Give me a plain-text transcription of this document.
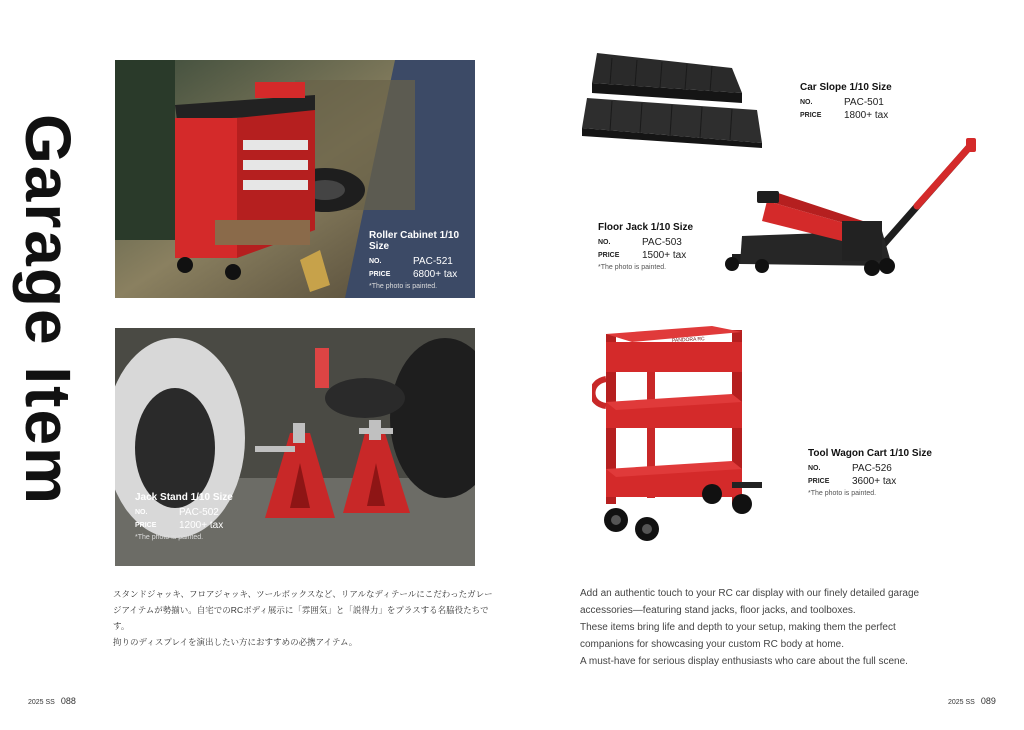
Garage Item	Roller Cabinet 1/10 Size
NO.	PAC-521
PRICE	6800+ tax
*The photo is painted.
Jack Stand 1/10 Size
NO.	PAC-502
PRICE	1200+ tax
*The photo is painted.
Car Slope 1/10 Size
NO.	PAC-501
PRICE	1800+ tax
Floor Jack 1/10 Size
NO.	PAC-503
PRICE	1500+ tax
*The photo is painted.
PANDORA RC
Tool Wagon Cart 1/10 Size
NO.	PAC-526
PRICE	3600+ tax
*The photo is painted.
スタンドジャッキ、フロアジャッキ、ツールボックスなど、リアルなディテールにこだわったガレー
ジアイテムが勢揃い。自宅でのRCボディ展示に「雰囲気」と「説得力」をプラスする名脇役たちです。
拘りのディスプレイを演出したい方におすすめの必携アイテム。
Add an authentic touch to your RC car display with our finely detailed garage
accessories—featuring stand jacks, floor jacks, and toolboxes.
These items bring life and depth to your setup, making them the perfect
companions for showcasing your custom RC body at home.
A must-have for serious display enthusiasts who care about the full scene.
2025 SS 088	2025 SS 089
